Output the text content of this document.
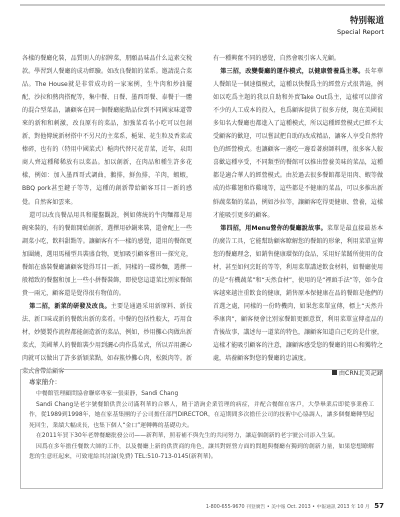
特别報道
Special Report

各樣的餐廳化裝，品質則人的招牌菜，朋願品味品什么這素交稅款。學習到人餐廳的成功經驗。如改良餐館的菜系。邀請混合菜品。The House就是非常成功的一家案例，生牛肉和炒油擺配，沙拉和熱肉搭配等，集中餐、日餐、墨西哥餐、泰餐于一體的混合型菜品，讓顧客在同一個餐廳能點品位到不同國家味道帶來的新和和刺激，改良原有的菜品，加強菜看名小吃可以包創新，對他傳統新材搭中不另尺的主菜系，梔果、花生粒及香菜或榛碎，也有的（特用中國菜式）梔肉代替尺花青菜，近年，泉間商人齊這種稀稀放有以菜品。加以創新，在肉品和種生許多花樣，例如：加入墨西哥式調曲，鵝排，鮮魚排，羊肉，蝦蝦，BBQ pork甚至鍵子等等，這種的創新帶給顧客耳目一新的感覺。自然客如雲來。

還可以改良餐品用具和擺盤觀說，例如傳統的牛肉麵都是用碗來裝的，有的餐館開始創新，選擇用砂鍋來裝，還會配上一些調菜小吃，飲料甜點等。讓顧客有不一樣的感覺，還用的餐館更加圍繞，選用馬桶型具裝盛食物，更加吸引顧客嘗田一探究竟，餐館在盛裝餐廳讓顧客覺得耳目一新，同樣的一碟炒麵，選擇一般精致的餐盤和加上一些小拼餐裝飾，即使您這道菜比別家餐館貴一兩元，顧客還是覺得很有物值的。

第二招，新菜的研發及改良。主要是通過采用新原料、新技法、新口味或新的餐飲出新的菜肴。中餐的包括性較大，巧用食材，妙變製作流程都能創造新的菜品，例如，炒用攤心肉做出新菜式，美國華人的餐館裝少用到灑心肉作爲菜式，所以弄用灑心肉就可以做出了許多新穎菜點，如春鯊炒攤心肉，松阪肉等。新菜式會帶給顧客

有一種興奮不同的感覺，自然會吸引客人光顧。

第三招，改變餐廳的運作模式，以健康營養爲主導。長年華人餐館是一個速價模式，這種以快餐爲主的經營方式很普遍，例如以吃爲主題的我以自助和外賣Take Out爲主，這樣可以節省不少的人工成本的投入，也爲顧客提供了很多方便，現在美國很多知名大餐廳也都進入了這種模式，所以這種經營模式已經不太受顧客的歡迎，可以嘗試把自助的改成精品，讓客人享受自然特色的經營模式。也讓顧客一邊吃一邊看著廚師料理，很多客人較喜歡這種享受，不同類型的餐館可以推出營養美味的菜品，這種都是適合華人的經營模式。由於過去很多餐館都是用肉、蝦等做成的炸雞翅和炸雞塊等，這些都是不健康的菜品，可以多推出新鮮蔬菜類的菜品，例如沙拉等，讓顧客吃得更健康、營養，這樣才能吸引更多的顧客。

第四招，用Menu營你的餐廳說故事。菜單是最直接最基本的廣告工具，它能幫助顧客瞭解您的餐館的形象，利用菜單宣傳您的餐廳理念，如銷售健康環保的食品，采用好菜餚所使用的食材，甚至如何烹飪的等等，利用菜單講述飲食材料，如餐廳使用的是“有機蔬菜”和“天然食材”，使用的是“裡頭手法”等，如今食客越來越注重飲食的健康，銷售原本保健康在品的餐館是他們的首選之處，同樣的一份時機肉，如果您菜單宣傳，標上“天然升季康肉”，顧客便會比別家餐館更願意買，利用菜單宣傳產品的背後故事，講述每一道菜的特色，讓顧客知道自己吃的是什麼，這樣才能吸引顧客的注意，讓顧客感受您的餐廳的用心和獨特之處，培養顧客對您的餐廳的忠誠度。

由CRN北美記錄
專家簡介：

中餐館管理顧問協會聯席專家一張東静，Sandi Chang

Sandi Chang是老字號餐館供貨公司滿利華的合夥人，精于諮詢企業管理的病症，并配合餐館在客戶，大學畢業后即從事業務工作，從1989到1998年，她在家基集團的子公司擔任部門DIRECTOR，在這期間多次擔任公司的技術中心協調人，讓多個餐廳轉型起死回生，業績大幅成長，也集下個人“金口”運轉轉的基礎功夫。

在2011年買下30年老牌餐廳批發公司——新利華，照着補不與先生的共同努力，讓這個創新的老字號公司添入生氣。

因爲在多年擔任餐飲大師的工作，以及餐廳上新的供貨商的角色，讓其對經營方面的問題與餐廳有獨到的創新力量，如果您想瞭解您的生意旺起來，可致電給其討論(免費) TEL:510-713-0145(新利華)。

1-800-655-9670 刊登廣告 • 美中報 Oct. 2013 • 中報通訊 2013 年 10 月 57
